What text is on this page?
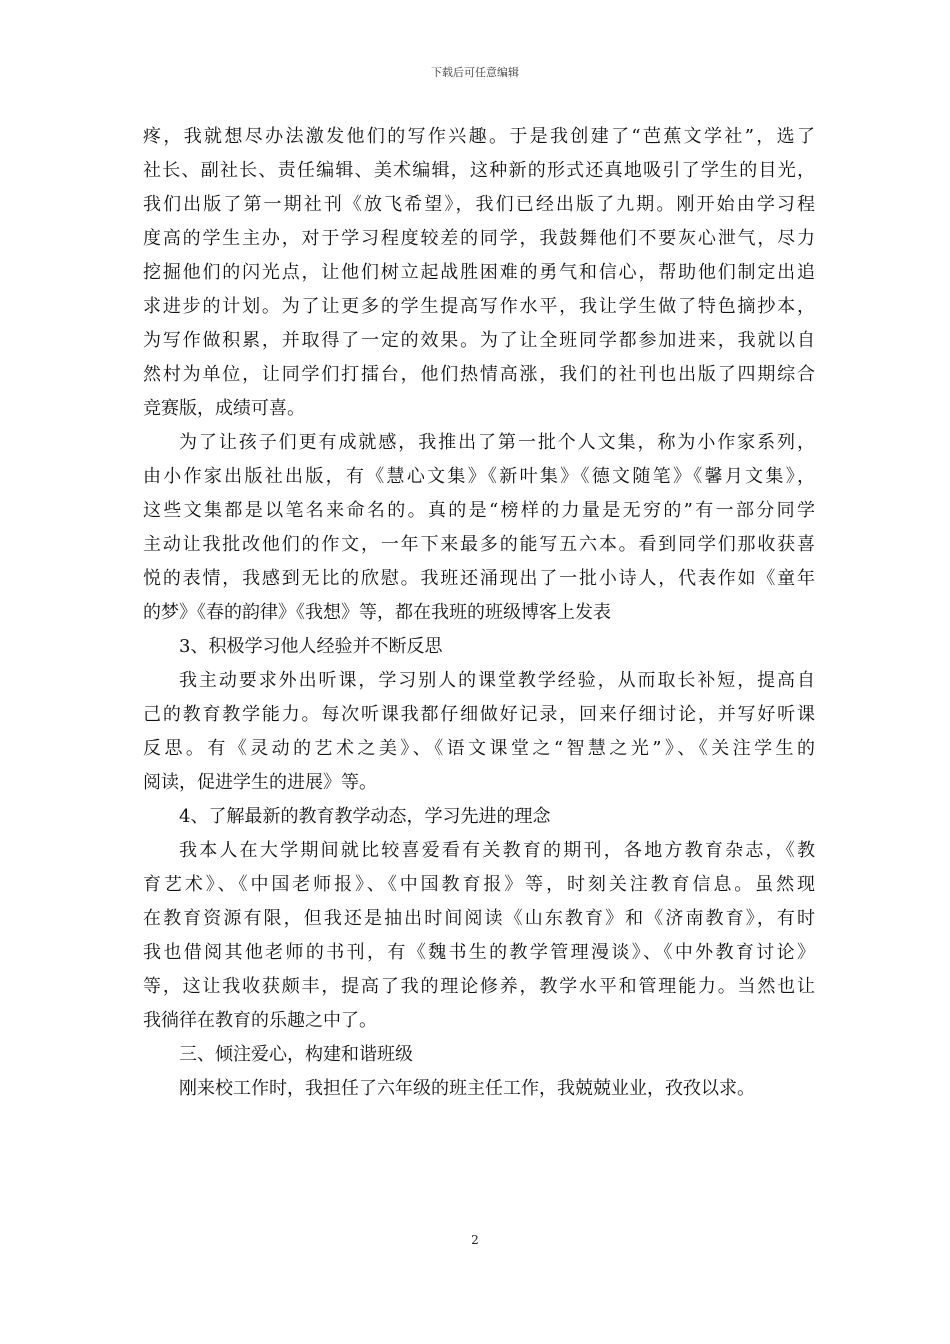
下载后可任意编辑
疼，我就想尽办法激发他们的写作兴趣。于是我创建了“芭蕉文学社”，选了
社长、副社长、责任编辑、美术编辑，这种新的形式还真地吸引了学生的目光，
我们出版了第一期社刊《放飞希望》，我们已经出版了九期。刚开始由学习程
度高的学生主办，对于学习程度较差的同学，我鼓舞他们不要灰心泄气，尽力
挖掘他们的闪光点，让他们树立起战胜困难的勇气和信心，帮助他们制定出追
求进步的计划。为了让更多的学生提高写作水平，我让学生做了特色摘抄本，
为写作做积累，并取得了一定的效果。为了让全班同学都参加进来，我就以自
然村为单位，让同学们打擂台，他们热情高涨，我们的社刊也出版了四期综合
竞赛版，成绩可喜。
为了让孩子们更有成就感，我推出了第一批个人文集，称为小作家系列，
由小作家出版社出版，有《慧心文集》《新叶集》《德文随笔》《馨月文集》，
这些文集都是以笔名来命名的。真的是“榜样的力量是无穷的”有一部分同学
主动让我批改他们的作文，一年下来最多的能写五六本。看到同学们那收获喜
悦的表情，我感到无比的欣慰。我班还涌现出了一批小诗人，代表作如《童年
的梦》《春的韵律》《我想》等，都在我班的班级博客上发表
3、积极学习他人经验并不断反思
我主动要求外出听课，学习别人的课堂教学经验，从而取长补短，提高自
己的教育教学能力。每次听课我都仔细做好记录，回来仔细讨论，并写好听课
反思。有《灵动的艺术之美》、《语文课堂之“智慧之光”》、《关注学生的
阅读，促进学生的进展》等。
4、了解最新的教育教学动态，学习先进的理念
我本人在大学期间就比较喜爱看有关教育的期刊，各地方教育杂志，《教
育艺术》、《中国老师报》、《中国教育报》等，时刻关注教育信息。虽然现
在教育资源有限，但我还是抽出时间阅读《山东教育》和《济南教育》，有时
我也借阅其他老师的书刊，有《魏书生的教学管理漫谈》、《中外教育讨论》
等，这让我收获颇丰，提高了我的理论修养，教学水平和管理能力。当然也让
我徜徉在教育的乐趣之中了。
三、倾注爱心，构建和谐班级
刚来校工作时，我担任了六年级的班主任工作，我兢兢业业，孜孜以求。
2
